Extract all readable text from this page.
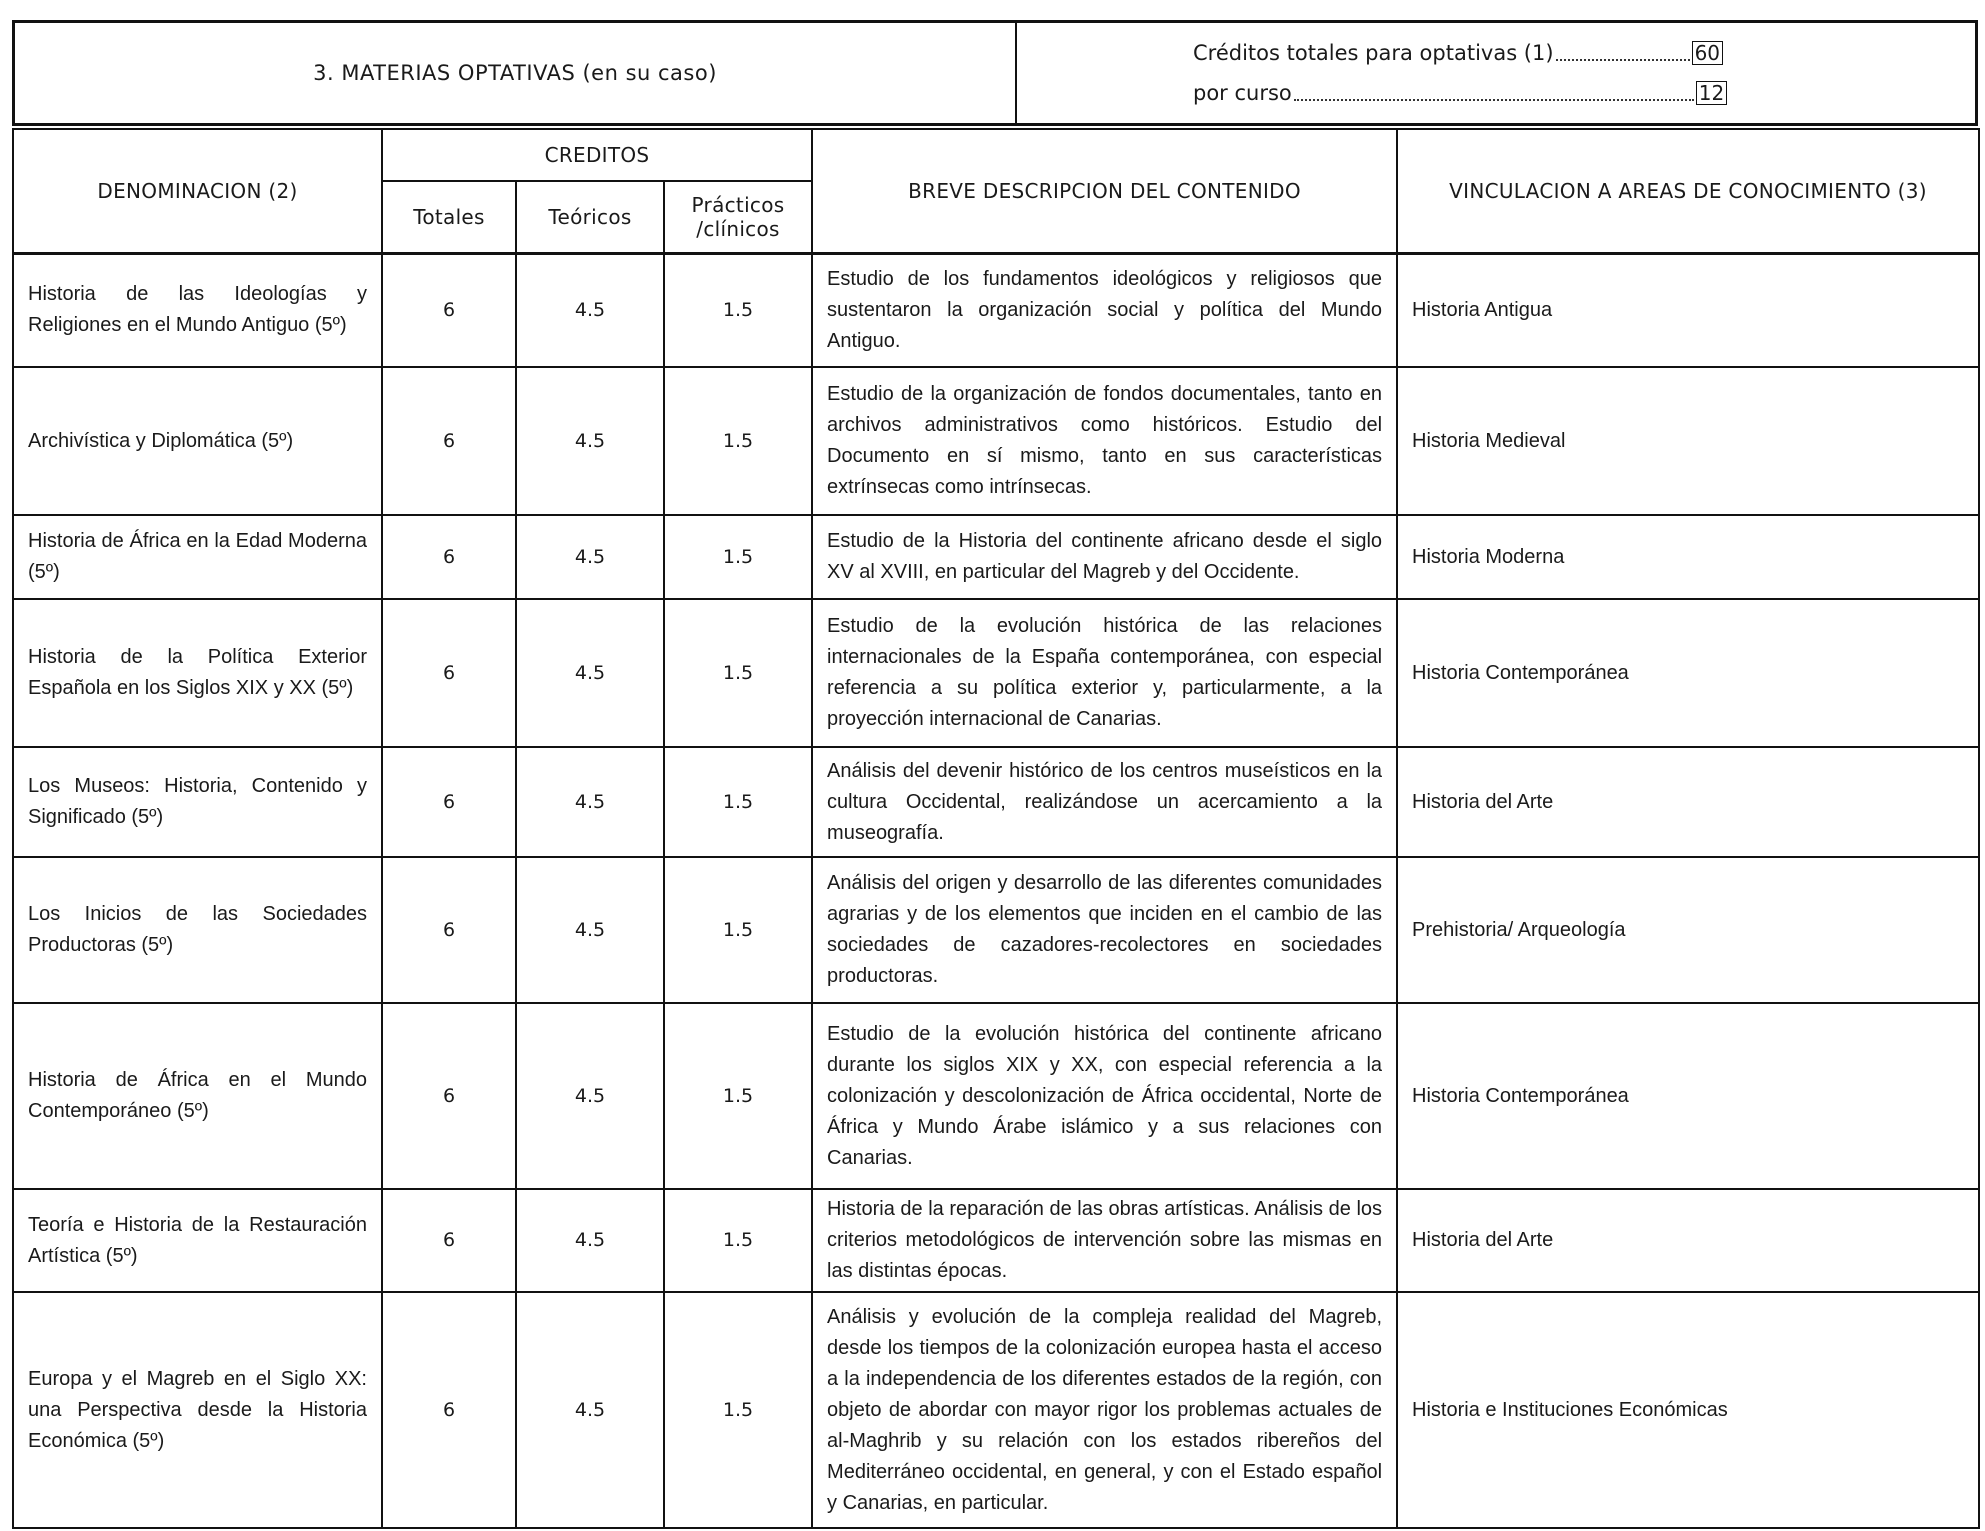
3. MATERIAS OPTATIVAS (en su caso)
Créditos totales para optativas (1)	60
por curso	12
DENOMINACION (2)	CREDITOS			BREVE DESCRIPCION DEL CONTENIDO	VINCULACION A AREAS DE CONOCIMIENTO (3)
	Totales	Teóricos	Prácticos /clínicos		
Historia de las Ideologías y Religiones en el Mundo Antiguo (5º)	6	4.5	1.5	Estudio de los fundamentos ideológicos y religiosos que sustentaron la organización social y política del Mundo Antiguo.	Historia Antigua
Archivística y Diplomática (5º)	6	4.5	1.5	Estudio de la organización de fondos documentales, tanto en archivos administrativos como históricos. Estudio del Documento en sí mismo, tanto en sus características extrínsecas como intrínsecas.	Historia Medieval
Historia de África en la Edad Moderna (5º)	6	4.5	1.5	Estudio de la Historia del continente africano desde el siglo XV al XVIII, en particular del Magreb y del Occidente.	Historia Moderna
Historia de la Política Exterior Española en los Siglos XIX y XX (5º)	6	4.5	1.5	Estudio de la evolución histórica de las relaciones internacionales de la España contemporánea, con especial referencia a su política exterior y, particularmente, a la proyección internacional de Canarias.	Historia Contemporánea
Los Museos: Historia, Contenido y Significado (5º)	6	4.5	1.5	Análisis del devenir histórico de los centros museísticos en la cultura Occidental, realizándose un acercamiento a la museografía.	Historia del Arte
Los Inicios de las Sociedades Productoras (5º)	6	4.5	1.5	Análisis del origen y desarrollo de las diferentes comunidades agrarias y de los elementos que inciden en el cambio de las sociedades de cazadores-recolectores en sociedades productoras.	Prehistoria/ Arqueología
Historia de África en el Mundo Contemporáneo (5º)	6	4.5	1.5	Estudio de la evolución histórica del continente africano durante los siglos XIX y XX, con especial referencia a la colonización y descolonización de África occidental, Norte de África y Mundo Árabe islámico y a sus relaciones con Canarias.	Historia Contemporánea
Teoría e Historia de la Restauración Artística (5º)	6	4.5	1.5	Historia de la reparación de las obras artísticas. Análisis de los criterios metodológicos de intervención sobre las mismas en las distintas épocas.	Historia del Arte
Europa y el Magreb en el Siglo XX: una Perspectiva desde la Historia Económica (5º)	6	4.5	1.5	Análisis y evolución de la compleja realidad del Magreb, desde los tiempos de la colonización europea hasta el acceso a la independencia de los diferentes estados de la región, con objeto de abordar con mayor rigor los problemas actuales de al-Maghrib y su relación con los estados ribereños del Mediterráneo occidental, en general, y con el Estado español y Canarias, en particular.	Historia e Instituciones Económicas
